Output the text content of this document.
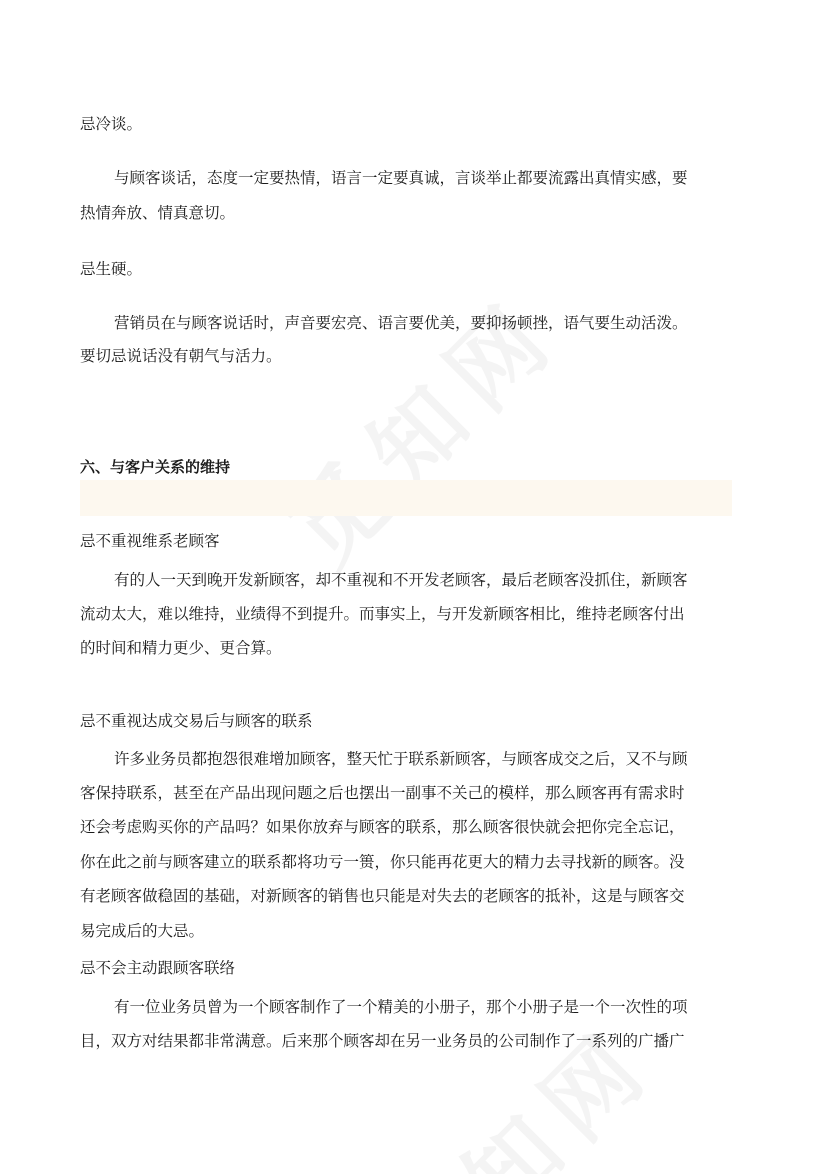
忌冷谈。
与顾客谈话，态度一定要热情，语言一定要真诚，言谈举止都要流露出真情实感，要
热情奔放、情真意切。
忌生硬。
营销员在与顾客说话时，声音要宏亮、语言要优美，要抑扬顿挫，语气要生动活泼。
要切忌说话没有朝气与活力。
六、与客户关系的维持
忌不重视维系老顾客
有的人一天到晚开发新顾客，却不重视和不开发老顾客，最后老顾客没抓住，新顾客
流动太大，难以维持，业绩得不到提升。而事实上，与开发新顾客相比，维持老顾客付出
的时间和精力更少、更合算。
忌不重视达成交易后与顾客的联系
许多业务员都抱怨很难增加顾客，整天忙于联系新顾客，与顾客成交之后，又不与顾
客保持联系，甚至在产品出现问题之后也摆出一副事不关己的模样，那么顾客再有需求时
还会考虑购买你的产品吗？如果你放弃与顾客的联系，那么顾客很快就会把你完全忘记，
你在此之前与顾客建立的联系都将功亏一篑，你只能再花更大的精力去寻找新的顾客。没
有老顾客做稳固的基础，对新顾客的销售也只能是对失去的老顾客的抵补，这是与顾客交
易完成后的大忌。
忌不会主动跟顾客联络
有一位业务员曾为一个顾客制作了一个精美的小册子，那个小册子是一个一次性的项
目，双方对结果都非常满意。后来那个顾客却在另一业务员的公司制作了一系列的广播广
